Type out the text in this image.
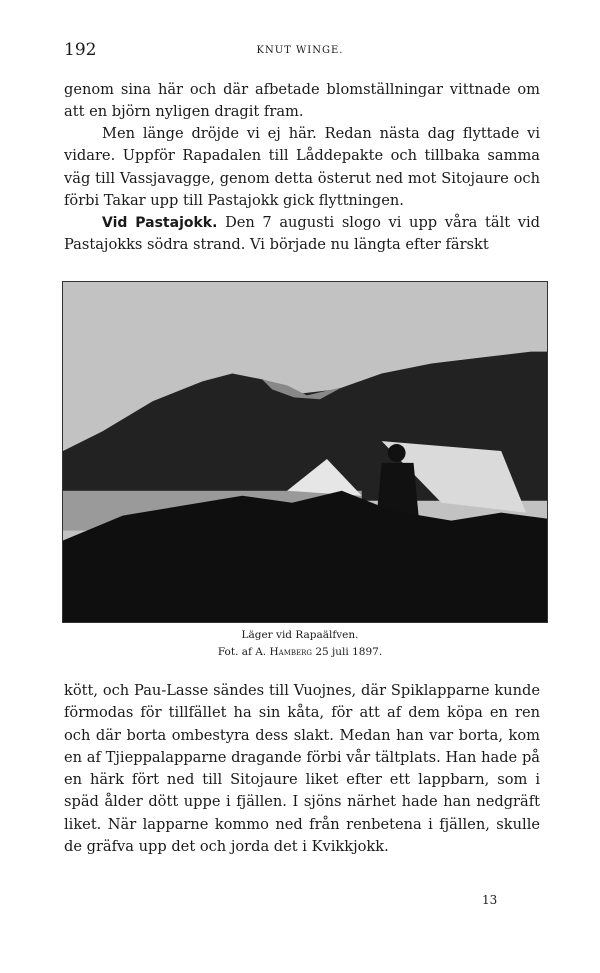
192	KNUT WINGE.

genom sina här och där afbetade blomställningar vittnade om att en björn nyligen dragit fram.

Men länge dröjde vi ej här. Redan nästa dag flyttade vi vidare. Uppför Rapadalen till Låddepakte och tillbaka samma väg till Vassjavagge, genom detta österut ned mot Sitojaure och förbi Takar upp till Pastajokk gick flyttningen.

Vid Pastajokk. Den 7 augusti slogo vi upp våra tält vid Pastajokks södra strand. Vi började nu längta efter färskt

Läger vid Rapaälfven.
Fot. af A. Hamberg 25 juli 1897.

kött, och Pau-Lasse sändes till Vuojnes, där Spiklapparne kunde förmodas för tillfället ha sin kåta, för att af dem köpa en ren och där borta ombestyra dess slakt. Medan han var borta, kom en af Tjieppalapparne dragande förbi vår tältplats. Han hade på en härk fört ned till Sitojaure liket efter ett lappbarn, som i späd ålder dött uppe i fjällen. I sjöns närhet hade han nedgräft liket. När lapparne kommo ned från renbetena i fjällen, skulle de gräfva upp det och jorda det i Kvikkjokk.

13
